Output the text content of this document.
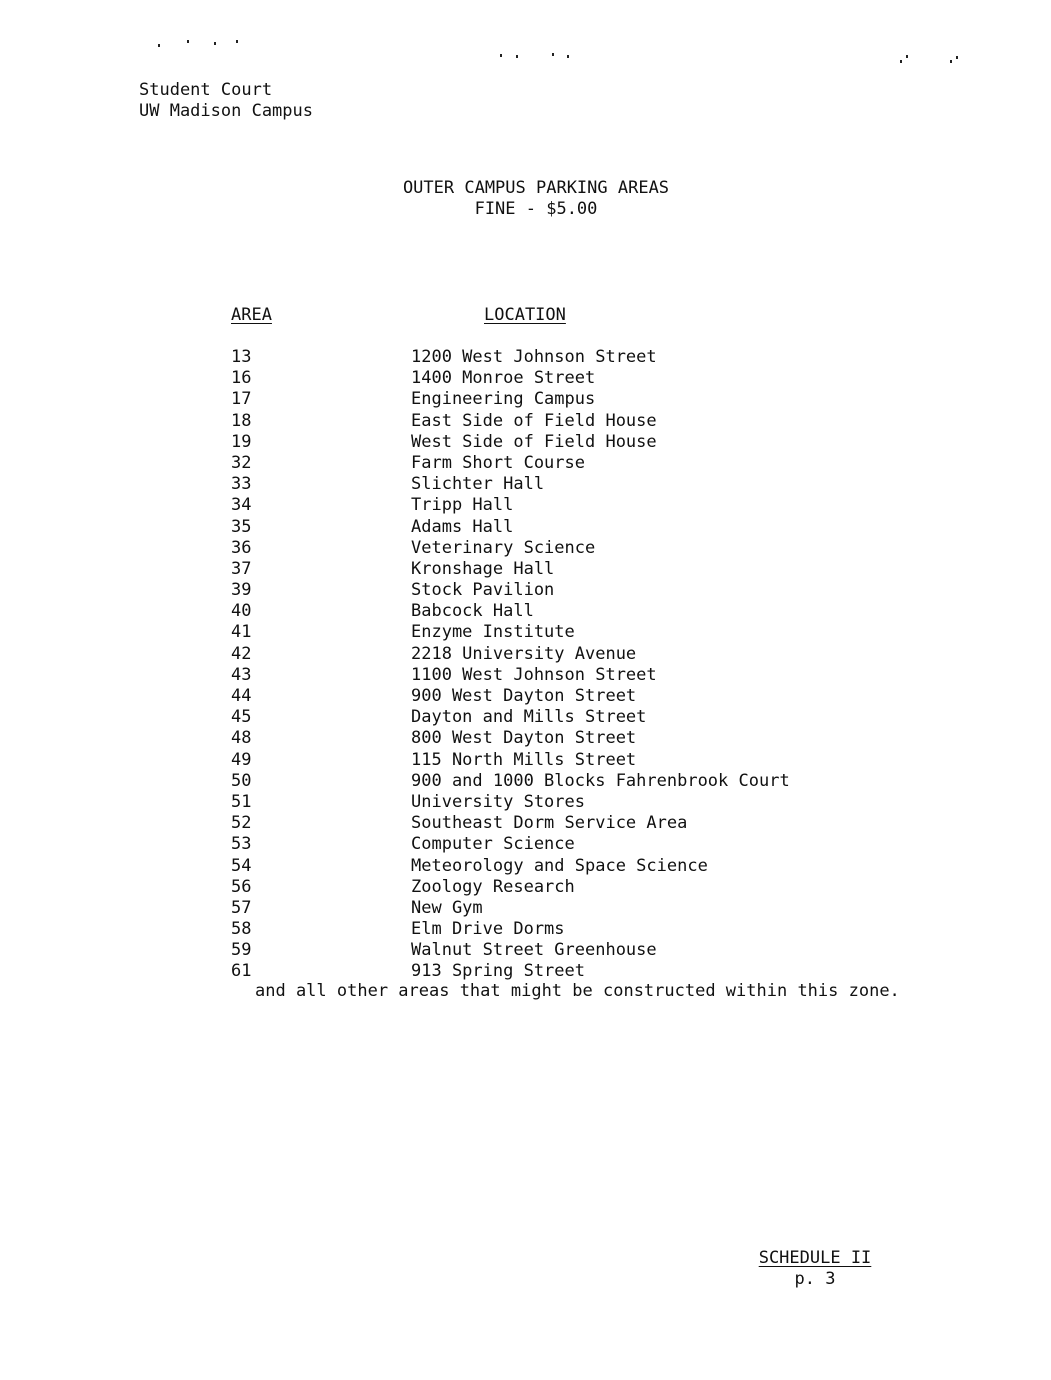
Student Court
UW Madison Campus
OUTER CAMPUS PARKING AREAS
FINE - $5.00
AREA	LOCATION
13	1200 West Johnson Street
16	1400 Monroe Street
17	Engineering Campus
18	East Side of Field House
19	West Side of Field House
32	Farm Short Course
33	Slichter Hall
34	Tripp Hall
35	Adams Hall
36	Veterinary Science
37	Kronshage Hall
39	Stock Pavilion
40	Babcock Hall
41	Enzyme Institute
42	2218 University Avenue
43	1100 West Johnson Street
44	900 West Dayton Street
45	Dayton and Mills Street
48	800 West Dayton Street
49	115 North Mills Street
50	900 and 1000 Blocks Fahrenbrook Court
51	University Stores
52	Southeast Dorm Service Area
53	Computer Science
54	Meteorology and Space Science
56	Zoology Research
57	New Gym
58	Elm Drive Dorms
59	Walnut Street Greenhouse
61	913 Spring Street
and all other areas that might be constructed within this zone.
SCHEDULE II
p. 3
